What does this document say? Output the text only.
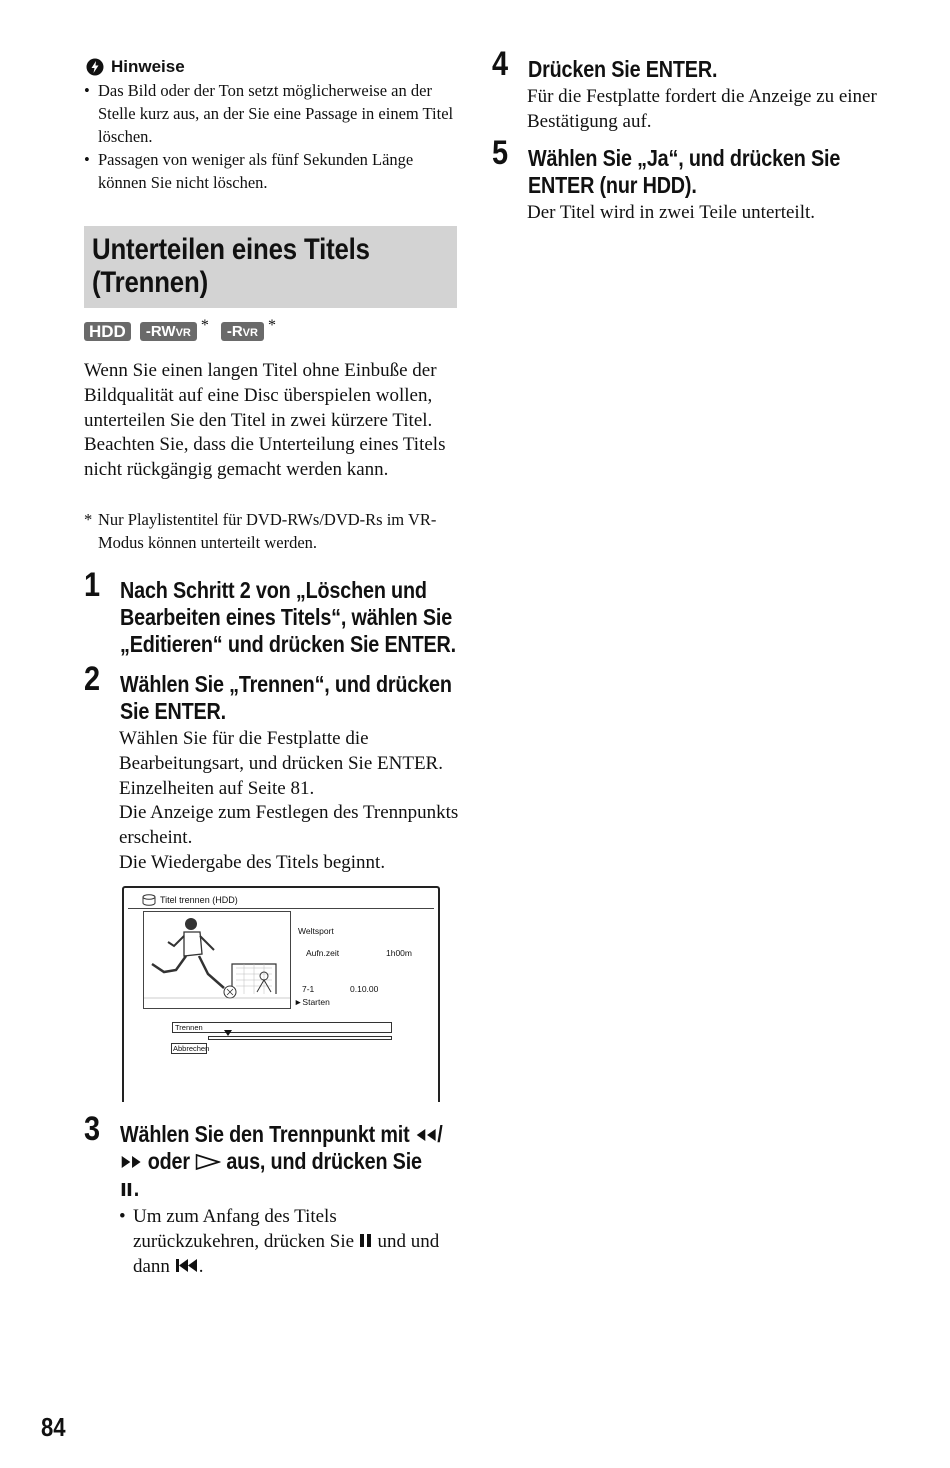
Hinweise
• Das Bild oder der Ton setzt möglicherweise an der Stelle kurz aus, an der Sie eine Passage in einem Titel löschen.
• Passagen von weniger als fünf Sekunden Länge können Sie nicht löschen.
Unterteilen eines Titels
(Trennen)
HDD	-RWVR *	-RVR *

Wenn Sie einen langen Titel ohne Einbuße der Bildqualität auf eine Disc überspielen wollen, unterteilen Sie den Titel in zwei kürzere Titel. Beachten Sie, dass die Unterteilung eines Titels nicht rückgängig gemacht werden kann.

* Nur Playlistentitel für DVD-RWs/DVD-Rs im VR-Modus können unterteilt werden.
1 Nach Schritt 2 von „Löschen und Bearbeiten eines Titels“, wählen Sie „Editieren“ und drücken Sie ENTER.
2 Wählen Sie „Trennen“, und drücken Sie ENTER.
Wählen Sie für die Festplatte die Bearbeitungsart, und drücken Sie ENTER. Einzelheiten auf Seite 81.
Die Anzeige zum Festlegen des Trennpunkts erscheint.
Die Wiedergabe des Titels beginnt.
Titel trennen (HDD)
Weltsport
Aufn.zeit	1h00m
7-1	0.10.00
►Starten
Trennen
Abbrechen
3 Wählen Sie den Trennpunkt mit /
oder aus, und drücken Sie
.
• Um zum Anfang des Titels zurückzukehren, drücken Sie und und dann .
4 Drücken Sie ENTER.
Für die Festplatte fordert die Anzeige zu einer Bestätigung auf.
5 Wählen Sie „Ja“, und drücken Sie ENTER (nur HDD).
Der Titel wird in zwei Teile unterteilt.
84
